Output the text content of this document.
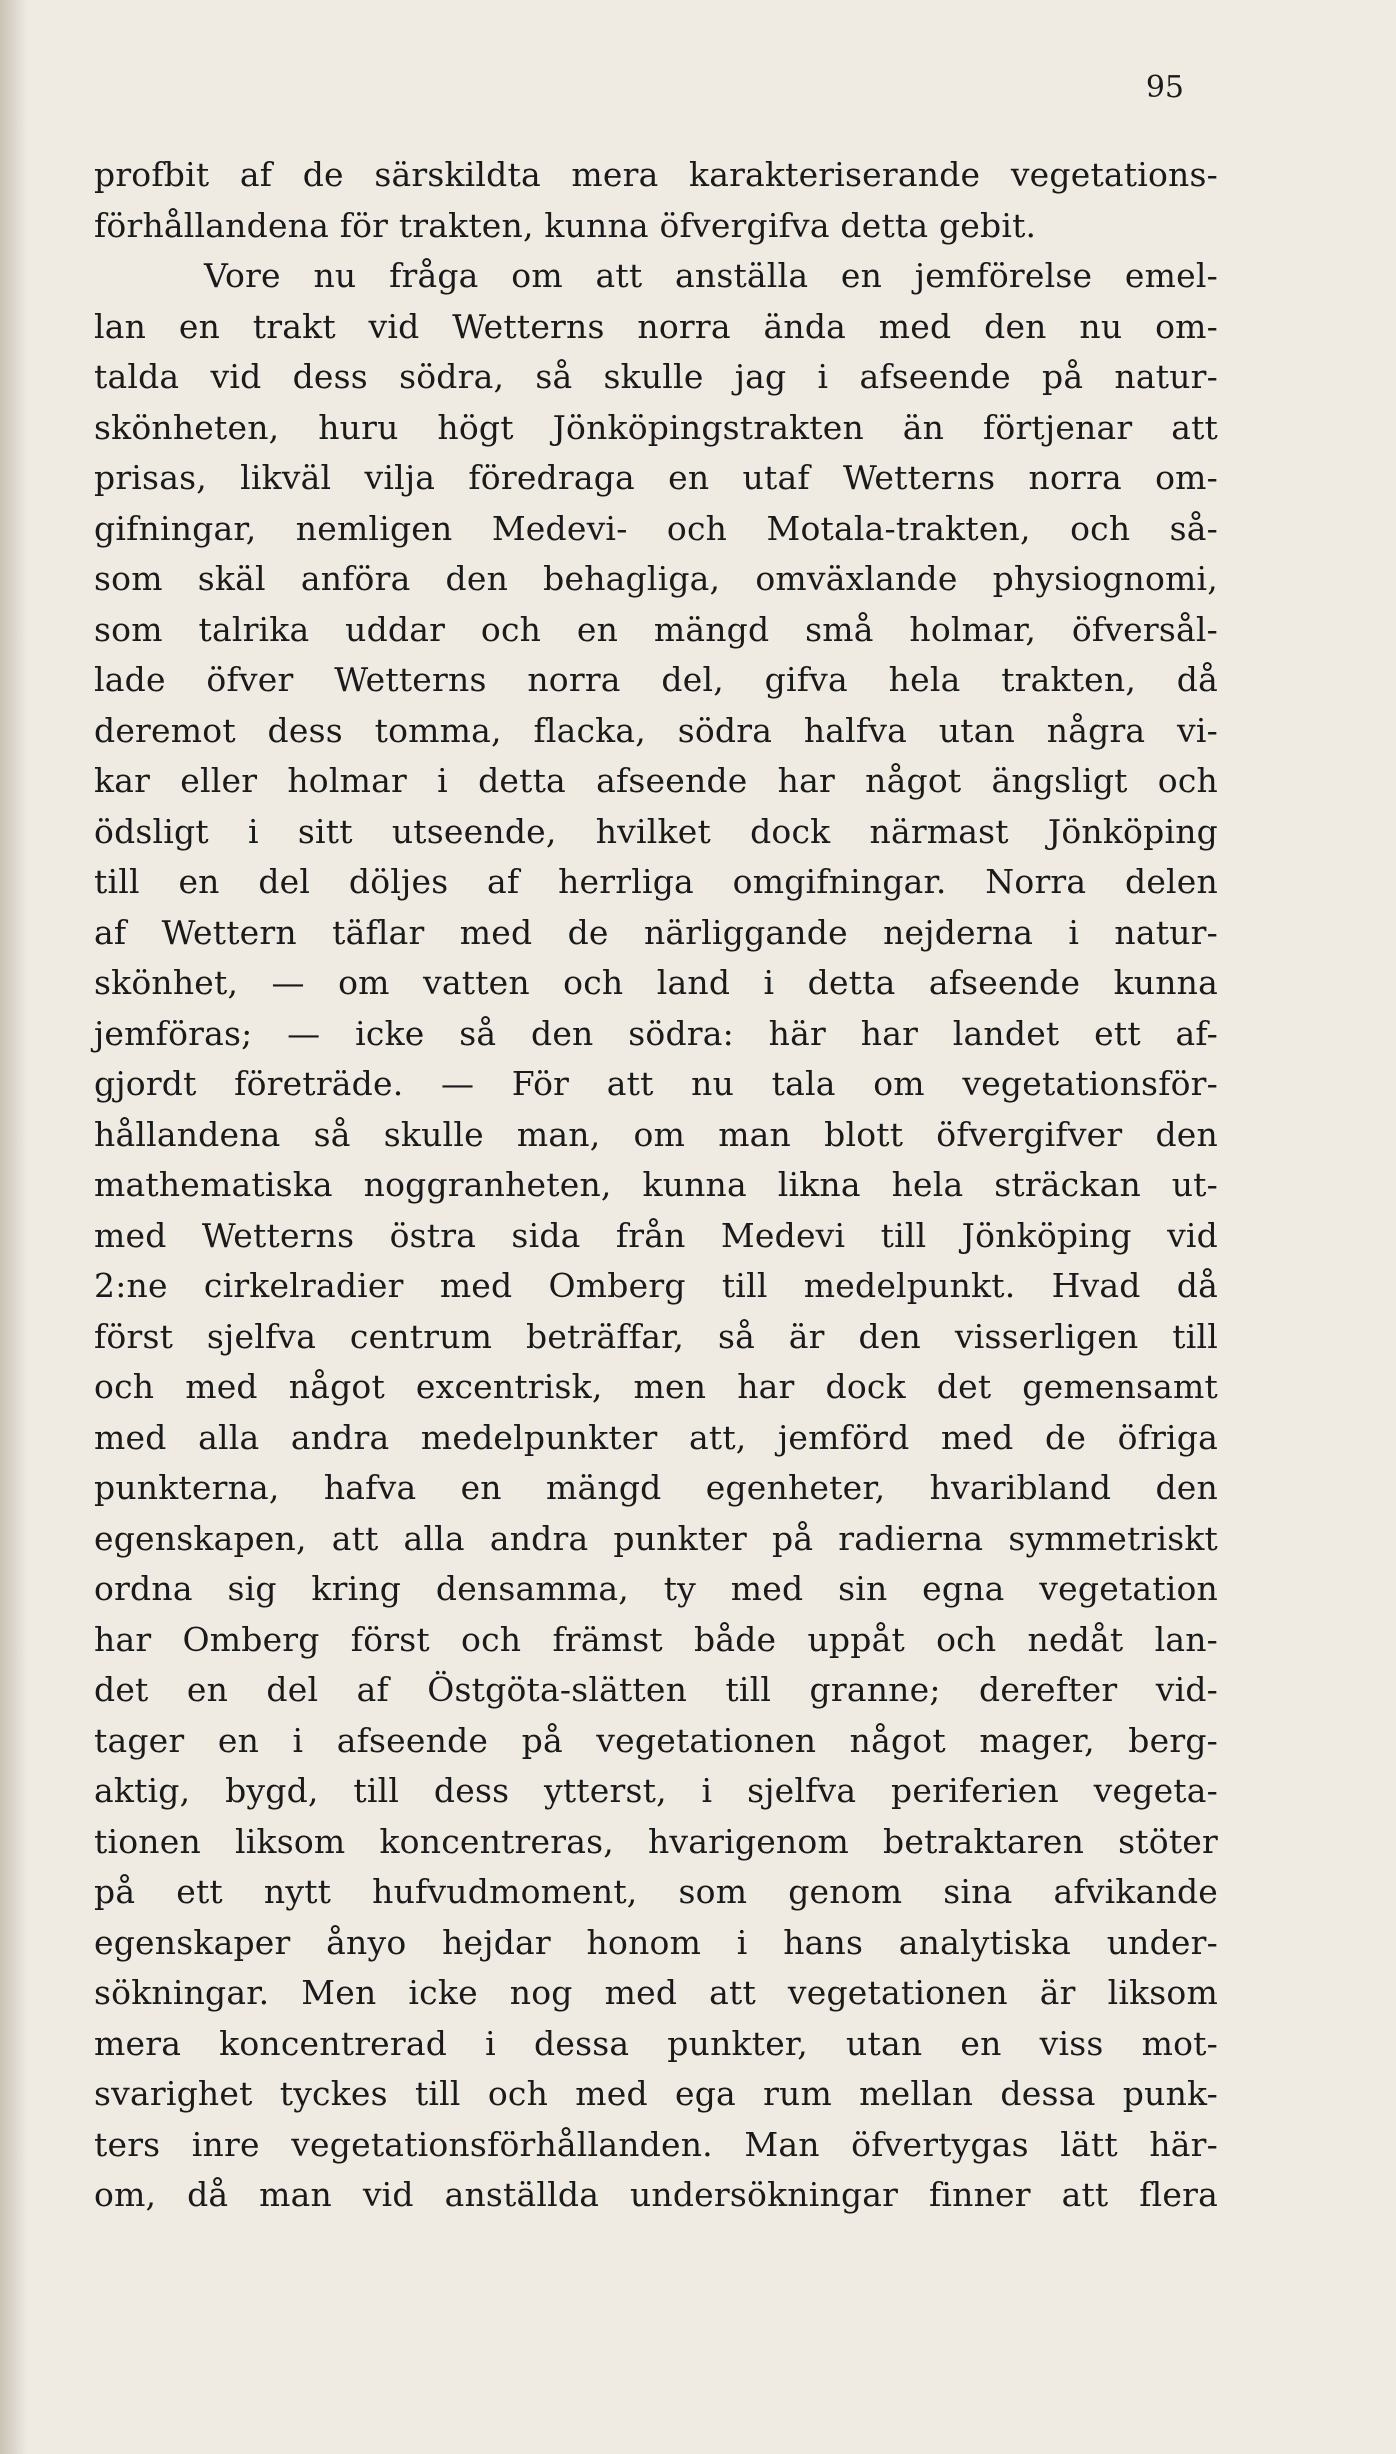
95
profbit af de särskildta mera karakteriserande vegetations-
förhållandena för trakten, kunna öfvergifva detta gebit.
Vore nu fråga om att anställa en jemförelse emel-
lan en trakt vid Wetterns norra ända med den nu om-
talda vid dess södra, så skulle jag i afseende på natur-
skönheten, huru högt Jönköpingstrakten än förtjenar att
prisas, likväl vilja föredraga en utaf Wetterns norra om-
gifningar, nemligen Medevi- och Motala-trakten, och så-
som skäl anföra den behagliga, omväxlande physiognomi,
som talrika uddar och en mängd små holmar, öfversål-
lade öfver Wetterns norra del, gifva hela trakten, då
deremot dess tomma, flacka, södra halfva utan några vi-
kar eller holmar i detta afseende har något ängsligt och
ödsligt i sitt utseende, hvilket dock närmast Jönköping
till en del döljes af herrliga omgifningar. Norra delen
af Wettern täflar med de närliggande nejderna i natur-
skönhet, — om vatten och land i detta afseende kunna
jemföras; — icke så den södra: här har landet ett af-
gjordt företräde. — För att nu tala om vegetationsför-
hållandena så skulle man, om man blott öfvergifver den
mathematiska noggranheten, kunna likna hela sträckan ut-
med Wetterns östra sida från Medevi till Jönköping vid
2:ne cirkelradier med Omberg till medelpunkt. Hvad då
först sjelfva centrum beträffar, så är den visserligen till
och med något excentrisk, men har dock det gemensamt
med alla andra medelpunkter att, jemförd med de öfriga
punkterna, hafva en mängd egenheter, hvaribland den
egenskapen, att alla andra punkter på radierna symmetriskt
ordna sig kring densamma, ty med sin egna vegetation
har Omberg först och främst både uppåt och nedåt lan-
det en del af Östgöta-slätten till granne; derefter vid-
tager en i afseende på vegetationen något mager, berg-
aktig, bygd, till dess ytterst, i sjelfva periferien vegeta-
tionen liksom koncentreras, hvarigenom betraktaren stöter
på ett nytt hufvudmoment, som genom sina afvikande
egenskaper ånyo hejdar honom i hans analytiska under-
sökningar. Men icke nog med att vegetationen är liksom
mera koncentrerad i dessa punkter, utan en viss mot-
svarighet tyckes till och med ega rum mellan dessa punk-
ters inre vegetationsförhållanden. Man öfvertygas lätt här-
om, då man vid anställda undersökningar finner att flera
